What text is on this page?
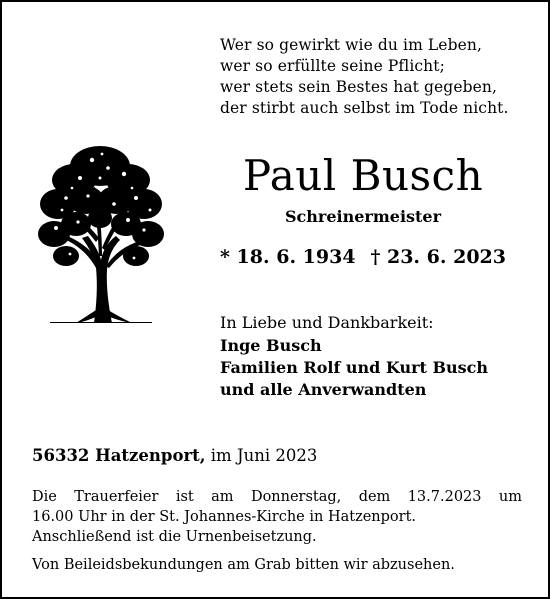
Wer so gewirkt wie du im Leben,
wer so erfüllte seine Pflicht;
wer stets sein Bestes hat gegeben,
der stirbt auch selbst im Tode nicht.
Paul Busch
Schreinermeister
* 18. 6. 1934 † 23. 6. 2023
In Liebe und Dankbarkeit:
Inge Busch
Familien Rolf und Kurt Busch
und alle Anverwandten
56332 Hatzenport, im Juni 2023
Die Trauerfeier ist am Donnerstag, dem 13.7.2023 um
16.00 Uhr in der St. Johannes-Kirche in Hatzenport.
Anschließend ist die Urnenbeisetzung.
Von Beileidsbekundungen am Grab bitten wir abzusehen.
